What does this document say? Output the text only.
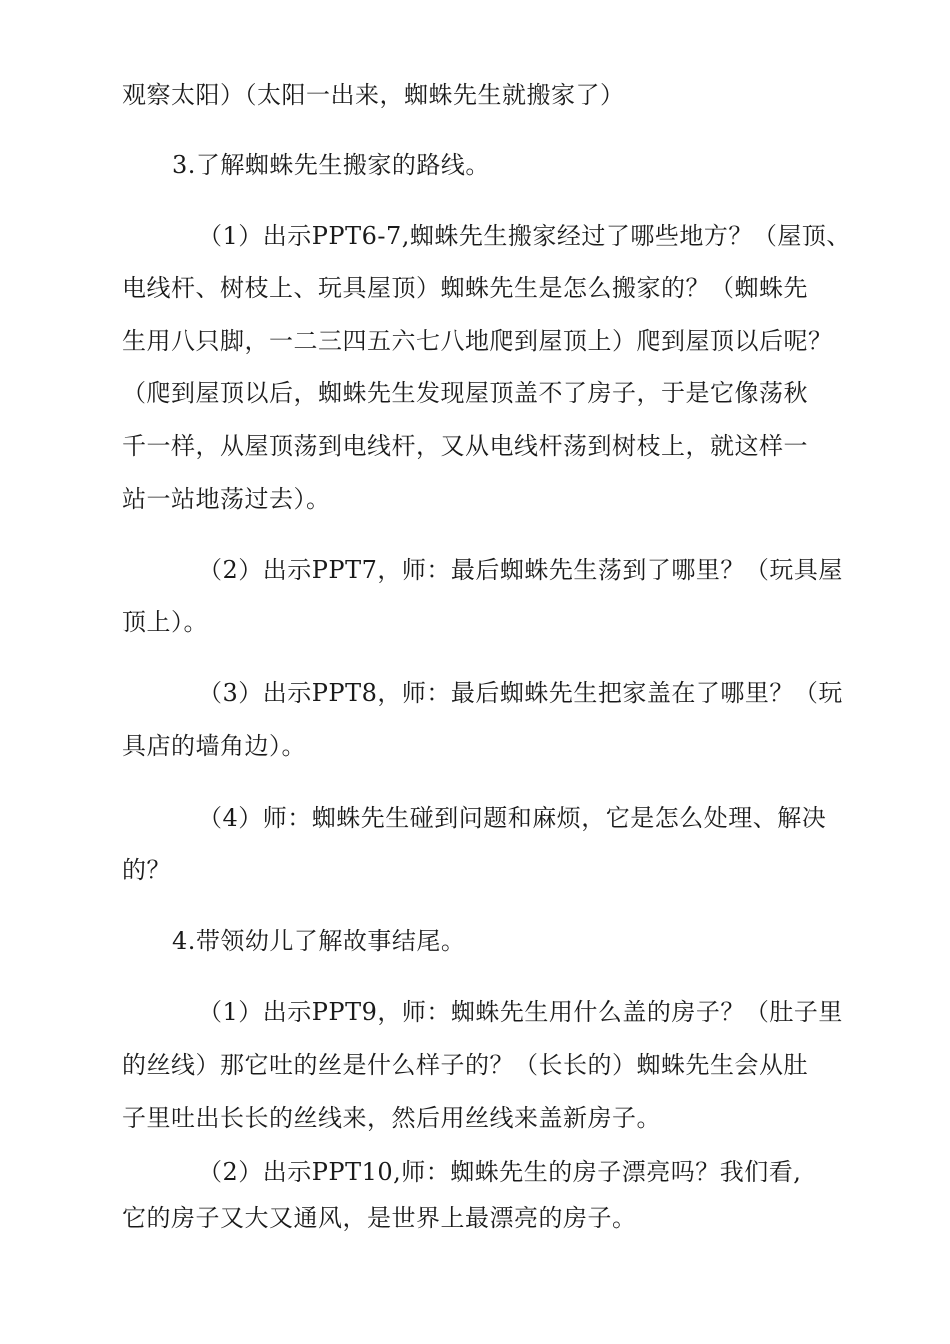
观察太阳）（太阳一出来，蜘蛛先生就搬家了）
3.了解蜘蛛先生搬家的路线。
（1）出示PPT6-7,蜘蛛先生搬家经过了哪些地方？（屋顶、
电线杆、树枝上、玩具屋顶）蜘蛛先生是怎么搬家的？（蜘蛛先
生用八只脚，一二三四五六七八地爬到屋顶上）爬到屋顶以后呢？
（爬到屋顶以后，蜘蛛先生发现屋顶盖不了房子，于是它像荡秋
千一样，从屋顶荡到电线杆，又从电线杆荡到树枝上，就这样一
站一站地荡过去）。
（2）出示PPT7，师：最后蜘蛛先生荡到了哪里？（玩具屋
顶上）。
（3）出示PPT8，师：最后蜘蛛先生把家盖在了哪里？（玩
具店的墙角边）。
（4）师：蜘蛛先生碰到问题和麻烦，它是怎么处理、解决
的？
4.带领幼儿了解故事结尾。
（1）出示PPT9，师：蜘蛛先生用什么盖的房子？（肚子里
的丝线）那它吐的丝是什么样子的？（长长的）蜘蛛先生会从肚
子里吐出长长的丝线来，然后用丝线来盖新房子。
（2）出示PPT10,师：蜘蛛先生的房子漂亮吗？我们看,
它的房子又大又通风，是世界上最漂亮的房子。
